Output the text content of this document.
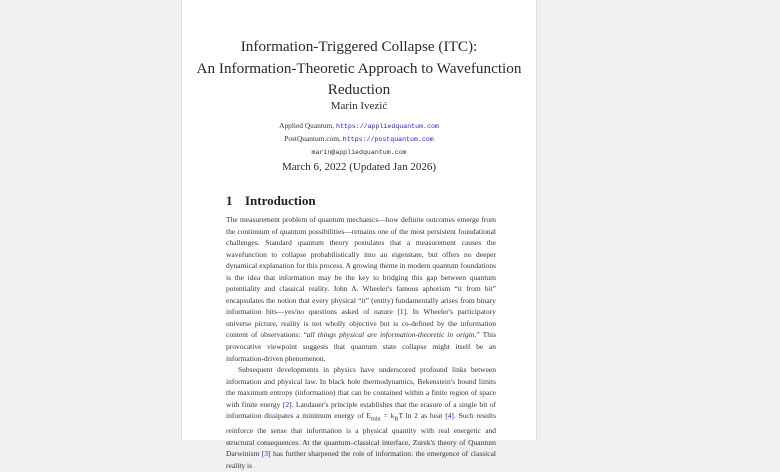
Information-Triggered Collapse (ITC):
An Information-Theoretic Approach to Wavefunction
Reduction
Marin Ivezić
Applied Quantum, https://appliedquantum.com
PostQuantum.com, https://postquantum.com
marin@appliedquantum.com
March 6, 2022 (Updated Jan 2026)
1 Introduction

The measurement problem of quantum mechanics—how definite outcomes emerge from the continuum of quantum possibilities—remains one of the most persistent foundational challenges. Standard quantum theory postulates that a measurement causes the wavefunction to collapse probabilistically into an eigenstate, but offers no deeper dynamical explanation for this process. A growing theme in modern quantum foundations is the idea that information may be the key to bridging this gap between quantum potentiality and classical reality. John A. Wheeler's famous aphorism “it from bit” encapsulates the notion that every physical “it” (entity) fundamentally arises from binary information bits—yes/no questions asked of nature [1]. In Wheeler's participatory universe picture, reality is not wholly objective but is co-defined by the information content of observations: “all things physical are information-theoretic in origin.” This provocative viewpoint suggests that quantum state collapse might itself be an information-driven phenomenon.

Subsequent developments in physics have underscored profound links between information and physical law. In black hole thermodynamics, Bekenstein's bound limits the maximum entropy (information) that can be contained within a finite region of space with finite energy [2]. Landauer's principle establishes that the erasure of a single bit of information dissipates a minimum energy of $E_{min} = k_BT$ ln 2 as heat [4]. Such results reinforce the sense that information is a physical quantity with real energetic and structural consequences. At the quantum–classical interface, Zurek's theory of Quantum Darwinism [3] has further sharpened the role of information: the emergence of classical reality is
